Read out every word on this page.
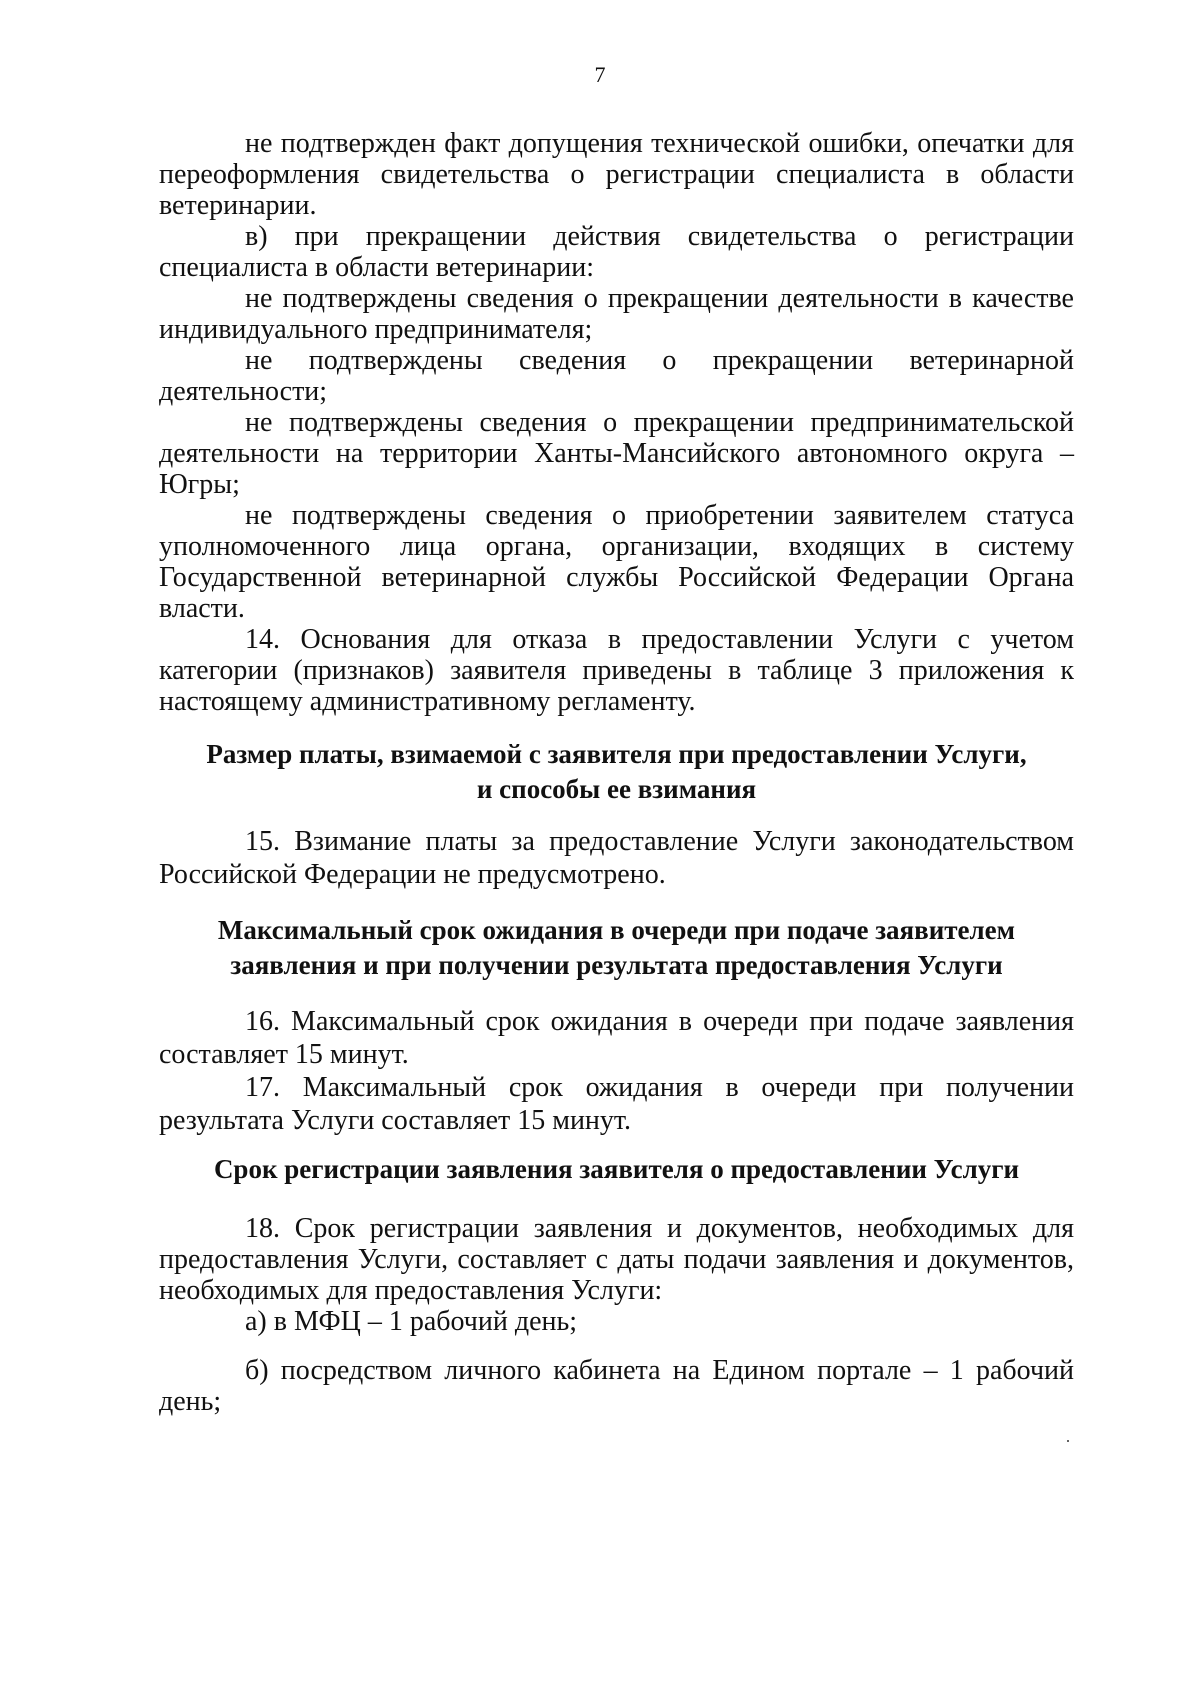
7

не подтвержден факт допущения технической ошибки, опечатки для переоформления свидетельства о регистрации специалиста в области ветеринарии.

в) при прекращении действия свидетельства о регистрации специалиста в области ветеринарии:

не подтверждены сведения о прекращении деятельности в качестве индивидуального предпринимателя;

не подтверждены сведения о прекращении ветеринарной деятельности;

не подтверждены сведения о прекращении предпринимательской деятельности на территории Ханты-Мансийского автономного округа – Югры;

не подтверждены сведения о приобретении заявителем статуса уполномоченного лица органа, организации, входящих в систему Государственной ветеринарной службы Российской Федерации Органа власти.

14. Основания для отказа в предоставлении Услуги с учетом категории (признаков) заявителя приведены в таблице 3 приложения к настоящему административному регламенту.

Размер платы, взимаемой с заявителя при предоставлении Услуги,
и способы ее взимания

15. Взимание платы за предоставление Услуги законодательством Российской Федерации не предусмотрено.

Максимальный срок ожидания в очереди при подаче заявителем
заявления и при получении результата предоставления Услуги

16. Максимальный срок ожидания в очереди при подаче заявления составляет 15 минут.

17. Максимальный срок ожидания в очереди при получении результата Услуги составляет 15 минут.

Срок регистрации заявления заявителя о предоставлении Услуги

18. Срок регистрации заявления и документов, необходимых для предоставления Услуги, составляет с даты подачи заявления и документов, необходимых для предоставления Услуги:

а) в МФЦ – 1 рабочий день;

б) посредством личного кабинета на Едином портале – 1 рабочий день;
